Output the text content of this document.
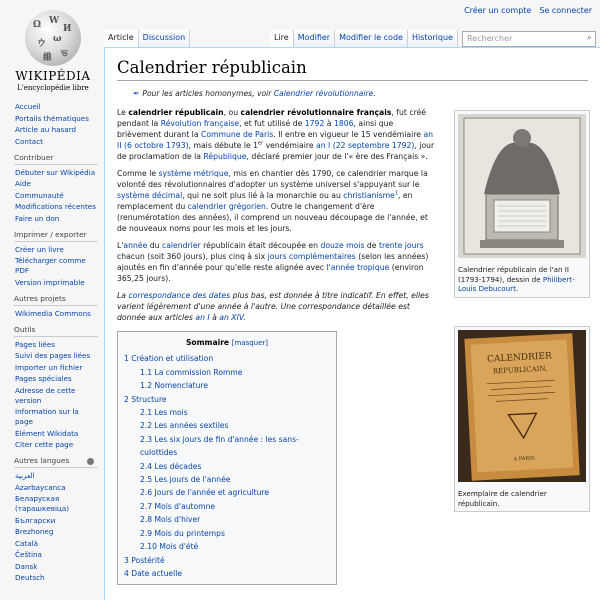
Ω W
И
ウ ω
維 ভ
WIKIPÉDIA
L'encyclopédie libre
Créer un compte Se connecter
Article	Discussion	Lire	Modifier	Modifier le code	Historique	Rechercher	⌕
Accueil
Portails thématiques
Article au hasard
Contact
Contribuer
Débuter sur Wikipédia
Aide
Communauté
Modifications récentes
Faire un don
Imprimer / exporter
Créer un livre
Télécharger comme PDF
Version imprimable
Autres projets
Wikimedia Commons
Outils
Pages liées
Suivi des pages liées
Importer un fichier
Pages spéciales
Adresse de cette version
Information sur la page
Élément Wikidata
Citer cette page
Autres langues
العربية
Azərbaycanca
Беларуская (тарашкевіца)
Български
Brezhoneg
Català
Čeština
Dansk
Deutsch
Calendrier républicain
✒ Pour les articles homonymes, voir Calendrier révolutionnaire.

Le calendrier républicain, ou calendrier révolutionnaire français, fut créé pendant la Révolution française, et fut utilisé de 1792 à 1806, ainsi que brièvement durant la Commune de Paris. Il entre en vigueur le 15 vendémiaire an II (6 octobre 1793), mais débute le 1er vendémiaire an I (22 septembre 1792), jour de proclamation de la République, déclaré premier jour de l'« ère des Français ».

Comme le système métrique, mis en chantier dès 1790, ce calendrier marque la volonté des révolutionnaires d'adopter un système universel s'appuyant sur le système décimal, qui ne soit plus lié à la monarchie ou au christianisme$^1$, en remplacement du calendrier grégorien. Outre le changement d'ère (renumérotation des années), il comprend un nouveau découpage de l'année, et de nouveaux noms pour les mois et les jours.

L'année du calendrier républicain était découpée en douze mois de trente jours chacun (soit 360 jours), plus cinq à six jours complémentaires (selon les années) ajoutés en fin d'année pour qu'elle reste alignée avec l'année tropique (environ 365,25 jours).

La correspondance des dates plus bas, est donnée à titre indicatif. En effet, elles varient légèrement d'une année à l'autre. Une correspondance détaillée est donnée aux articles an I à an XIV.

Sommaire [masquer]
1 Création et utilisation
1.1 La commission Romme
1.2 Nomenclature
2 Structure
2.1 Les mois
2.2 Les années sextiles
2.3 Les six jours de fin d'année : les sans-culottides
2.4 Les décades
2.5 Les jours de l'année
2.6 Jours de l'année et agriculture
2.7 Mois d'automne
2.8 Mois d'hiver
2.9 Mois du printemps
2.10 Mois d'été
3 Postérité
4 Date actuelle
Calendrier républicain de l'an II (1793-1794), dessin de Philibert-Louis Debucourt.
CALENDRIER
RÉPUBLICAIN,
A PARIS.
Exemplaire de calendrier républicain.
